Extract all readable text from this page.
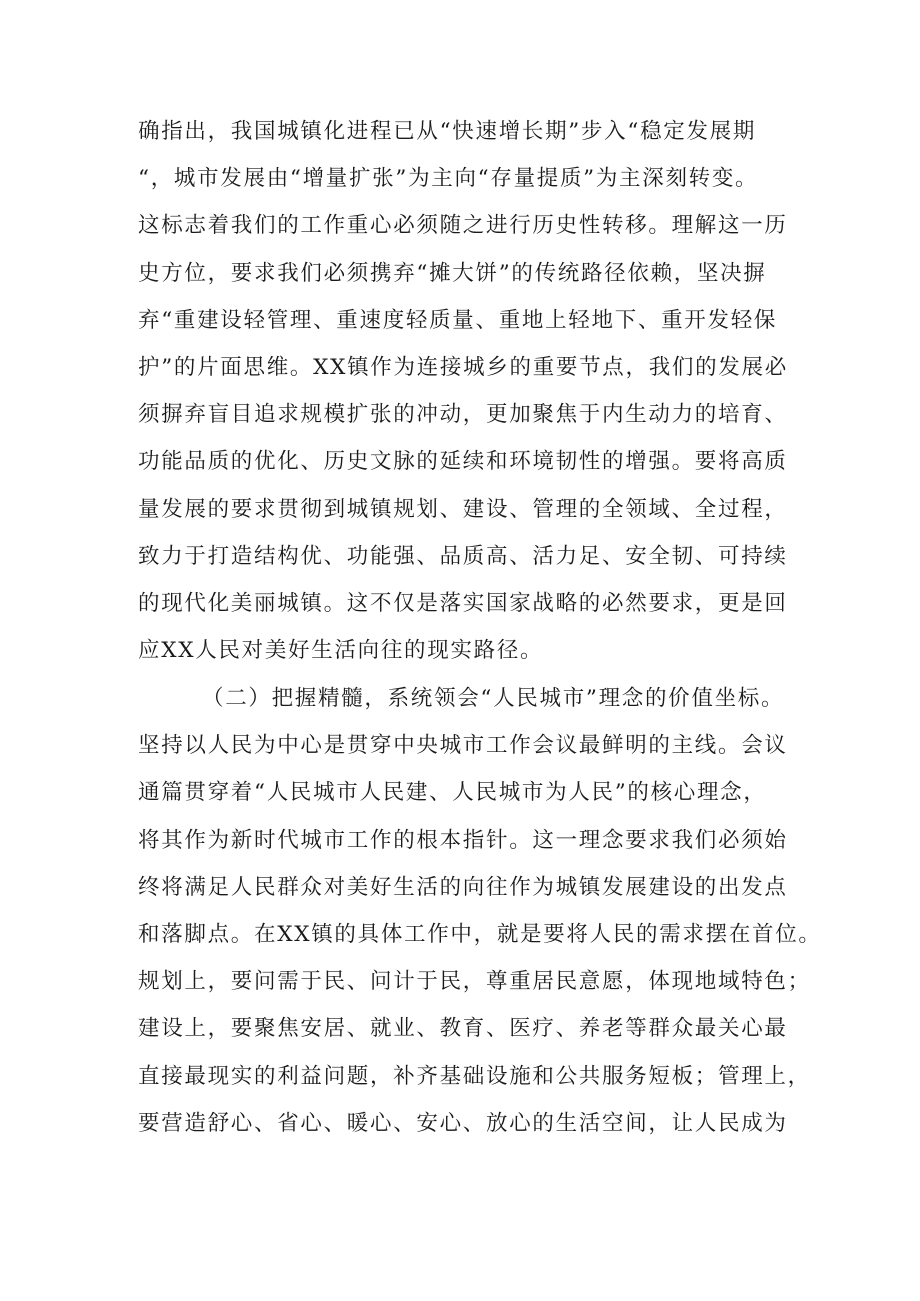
确指出，我国城镇化进程已从“快速增长期”步入“稳定发展期
“，城市发展由“增量扩张”为主向“存量提质”为主深刻转变。
这标志着我们的工作重心必须随之进行历史性转移。理解这一历
史方位，要求我们必须携弃“摊大饼”的传统路径依赖，坚决摒
弃“重建设轻管理、重速度轻质量、重地上轻地下、重开发轻保
护”的片面思维。XX镇作为连接城乡的重要节点，我们的发展必
须摒弃盲目追求规模扩张的冲动，更加聚焦于内生动力的培育、
功能品质的优化、历史文脉的延续和环境韧性的增强。要将高质
量发展的要求贯彻到城镇规划、建设、管理的全领域、全过程，
致力于打造结构优、功能强、品质高、活力足、安全韧、可持续
的现代化美丽城镇。这不仅是落实国家战略的必然要求，更是回
应XX人民对美好生活向往的现实路径。
（二）把握精髓，系统领会“人民城市”理念的价值坐标。
坚持以人民为中心是贯穿中央城市工作会议最鲜明的主线。会议
通篇贯穿着“人民城市人民建、人民城市为人民”的核心理念，
将其作为新时代城市工作的根本指针。这一理念要求我们必须始
终将满足人民群众对美好生活的向往作为城镇发展建设的出发点
和落脚点。在XX镇的具体工作中，就是要将人民的需求摆在首位。
规划上，要问需于民、问计于民，尊重居民意愿，体现地域特色；
建设上，要聚焦安居、就业、教育、医疗、养老等群众最关心最
直接最现实的利益问题，补齐基础设施和公共服务短板；管理上，
要营造舒心、省心、暖心、安心、放心的生活空间，让人民成为
